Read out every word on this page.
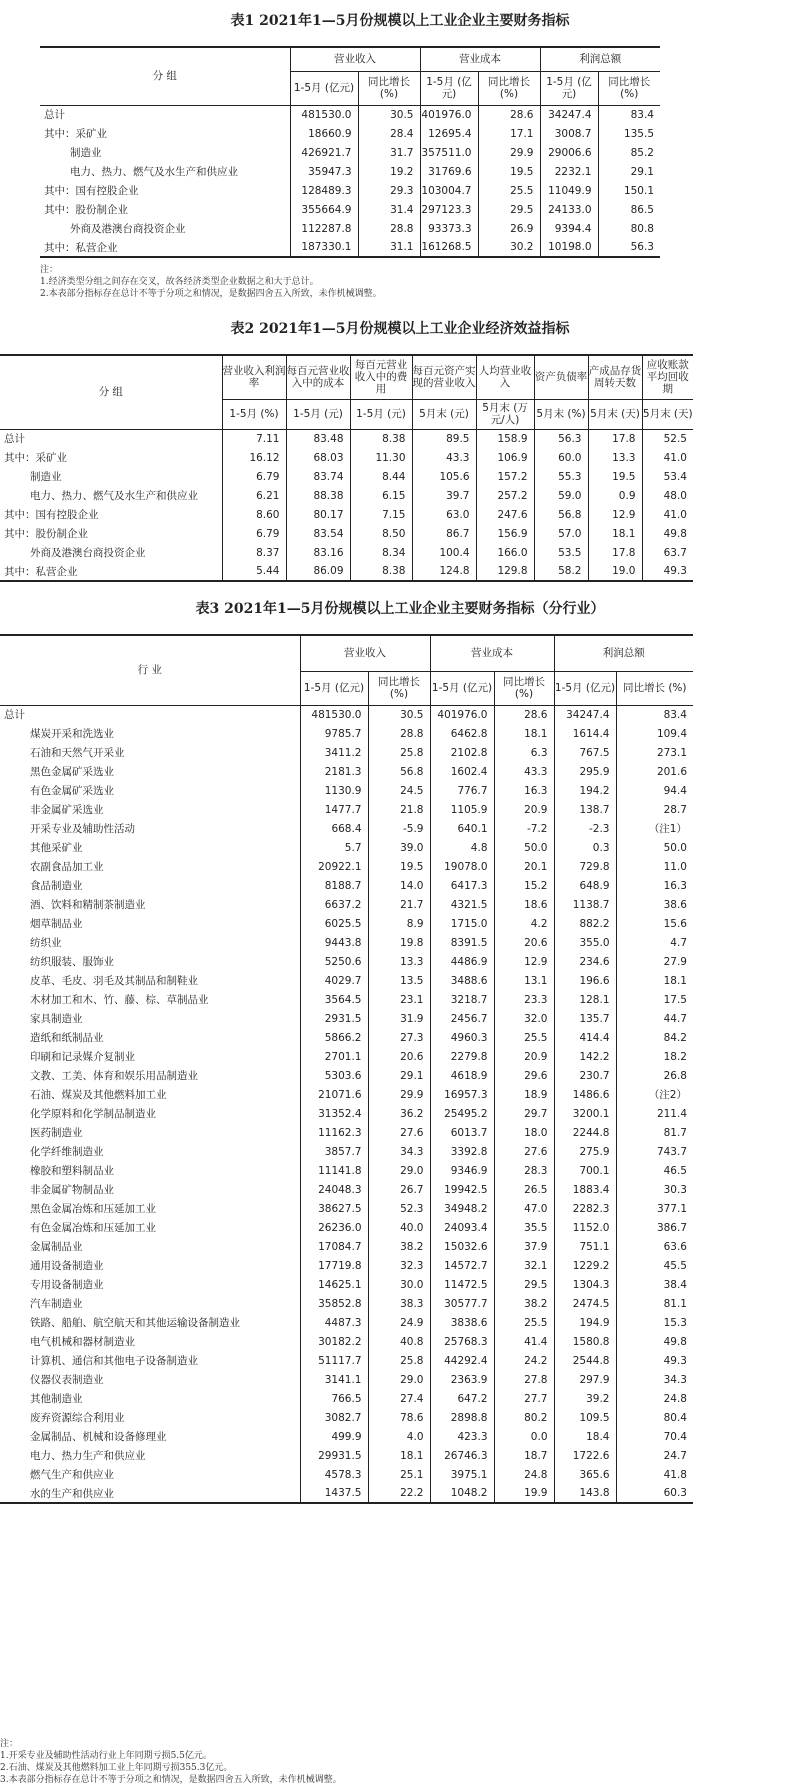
表1 2021年1—5月份规模以上工业企业主要财务指标
分 组	营业收入		营业成本		利润总额	
	1-5月 (亿元)	同比增长 (%)	1-5月 (亿元)	同比增长 (%)	1-5月 (亿元)	同比增长 (%)
总计	481530.0	30.5	401976.0	28.6	34247.4	83.4
其中：采矿业	18660.9	28.4	12695.4	17.1	3008.7	135.5
制造业	426921.7	31.7	357511.0	29.9	29006.6	85.2
电力、热力、燃气及水生产和供应业	35947.3	19.2	31769.6	19.5	2232.1	29.1
其中：国有控股企业	128489.3	29.3	103004.7	25.5	11049.9	150.1
其中：股份制企业	355664.9	31.4	297123.3	29.5	24133.0	86.5
外商及港澳台商投资企业	112287.8	28.8	93373.3	26.9	9394.4	80.8
其中：私营企业	187330.1	31.1	161268.5	30.2	10198.0	56.3
注：
1.经济类型分组之间存在交叉，故各经济类型企业数据之和大于总计。
2.本表部分指标存在总计不等于分项之和情况，是数据四舍五入所致，未作机械调整。
表2 2021年1—5月份规模以上工业企业经济效益指标
分 组	营业收入利润率	每百元营业收入中的成本	每百元营业收入中的费用	每百元资产实现的营业收入	人均营业收入	资产负债率	产成品存货周转天数	应收账款平均回收期
	1-5月 (%)	1-5月 (元)	1-5月 (元)	5月末 (元)	5月末 (万元/人)	5月末 (%)	5月末 (天)	5月末 (天)
总计	7.11	83.48	8.38	89.5	158.9	56.3	17.8	52.5
其中：采矿业	16.12	68.03	11.30	43.3	106.9	60.0	13.3	41.0
制造业	6.79	83.74	8.44	105.6	157.2	55.3	19.5	53.4
电力、热力、燃气及水生产和供应业	6.21	88.38	6.15	39.7	257.2	59.0	0.9	48.0
其中：国有控股企业	8.60	80.17	7.15	63.0	247.6	56.8	12.9	41.0
其中：股份制企业	6.79	83.54	8.50	86.7	156.9	57.0	18.1	49.8
外商及港澳台商投资企业	8.37	83.16	8.34	100.4	166.0	53.5	17.8	63.7
其中：私营企业	5.44	86.09	8.38	124.8	129.8	58.2	19.0	49.3
表3 2021年1—5月份规模以上工业企业主要财务指标（分行业）
行 业	营业收入		营业成本		利润总额	
	1-5月 (亿元)	同比增长 (%)	1-5月 (亿元)	同比增长 (%)	1-5月 (亿元)	同比增长 (%)
总计	481530.0	30.5	401976.0	28.6	34247.4	83.4
煤炭开采和洗选业	9785.7	28.8	6462.8	18.1	1614.4	109.4
石油和天然气开采业	3411.2	25.8	2102.8	6.3	767.5	273.1
黑色金属矿采选业	2181.3	56.8	1602.4	43.3	295.9	201.6
有色金属矿采选业	1130.9	24.5	776.7	16.3	194.2	94.4
非金属矿采选业	1477.7	21.8	1105.9	20.9	138.7	28.7
开采专业及辅助性活动	668.4	-5.9	640.1	-7.2	-2.3	（注1）
其他采矿业	5.7	39.0	4.8	50.0	0.3	50.0
农副食品加工业	20922.1	19.5	19078.0	20.1	729.8	11.0
食品制造业	8188.7	14.0	6417.3	15.2	648.9	16.3
酒、饮料和精制茶制造业	6637.2	21.7	4321.5	18.6	1138.7	38.6
烟草制品业	6025.5	8.9	1715.0	4.2	882.2	15.6
纺织业	9443.8	19.8	8391.5	20.6	355.0	4.7
纺织服装、服饰业	5250.6	13.3	4486.9	12.9	234.6	27.9
皮革、毛皮、羽毛及其制品和制鞋业	4029.7	13.5	3488.6	13.1	196.6	18.1
木材加工和木、竹、藤、棕、草制品业	3564.5	23.1	3218.7	23.3	128.1	17.5
家具制造业	2931.5	31.9	2456.7	32.0	135.7	44.7
造纸和纸制品业	5866.2	27.3	4960.3	25.5	414.4	84.2
印刷和记录媒介复制业	2701.1	20.6	2279.8	20.9	142.2	18.2
文教、工美、体育和娱乐用品制造业	5303.6	29.1	4618.9	29.6	230.7	26.8
石油、煤炭及其他燃料加工业	21071.6	29.9	16957.3	18.9	1486.6	（注2）
化学原料和化学制品制造业	31352.4	36.2	25495.2	29.7	3200.1	211.4
医药制造业	11162.3	27.6	6013.7	18.0	2244.8	81.7
化学纤维制造业	3857.7	34.3	3392.8	27.6	275.9	743.7
橡胶和塑料制品业	11141.8	29.0	9346.9	28.3	700.1	46.5
非金属矿物制品业	24048.3	26.7	19942.5	26.5	1883.4	30.3
黑色金属冶炼和压延加工业	38627.5	52.3	34948.2	47.0	2282.3	377.1
有色金属冶炼和压延加工业	26236.0	40.0	24093.4	35.5	1152.0	386.7
金属制品业	17084.7	38.2	15032.6	37.9	751.1	63.6
通用设备制造业	17719.8	32.3	14572.7	32.1	1229.2	45.5
专用设备制造业	14625.1	30.0	11472.5	29.5	1304.3	38.4
汽车制造业	35852.8	38.3	30577.7	38.2	2474.5	81.1
铁路、船舶、航空航天和其他运输设备制造业	4487.3	24.9	3838.6	25.5	194.9	15.3
电气机械和器材制造业	30182.2	40.8	25768.3	41.4	1580.8	49.8
计算机、通信和其他电子设备制造业	51117.7	25.8	44292.4	24.2	2544.8	49.3
仪器仪表制造业	3141.1	29.0	2363.9	27.8	297.9	34.3
其他制造业	766.5	27.4	647.2	27.7	39.2	24.8
废弃资源综合利用业	3082.7	78.6	2898.8	80.2	109.5	80.4
金属制品、机械和设备修理业	499.9	4.0	423.3	0.0	18.4	70.4
电力、热力生产和供应业	29931.5	18.1	26746.3	18.7	1722.6	24.7
燃气生产和供应业	4578.3	25.1	3975.1	24.8	365.6	41.8
水的生产和供应业	1437.5	22.2	1048.2	19.9	143.8	60.3
注：
1.开采专业及辅助性活动行业上年同期亏损5.5亿元。
2.石油、煤炭及其他燃料加工业上年同期亏损355.3亿元。
3.本表部分指标存在总计不等于分项之和情况，是数据四舍五入所致，未作机械调整。
